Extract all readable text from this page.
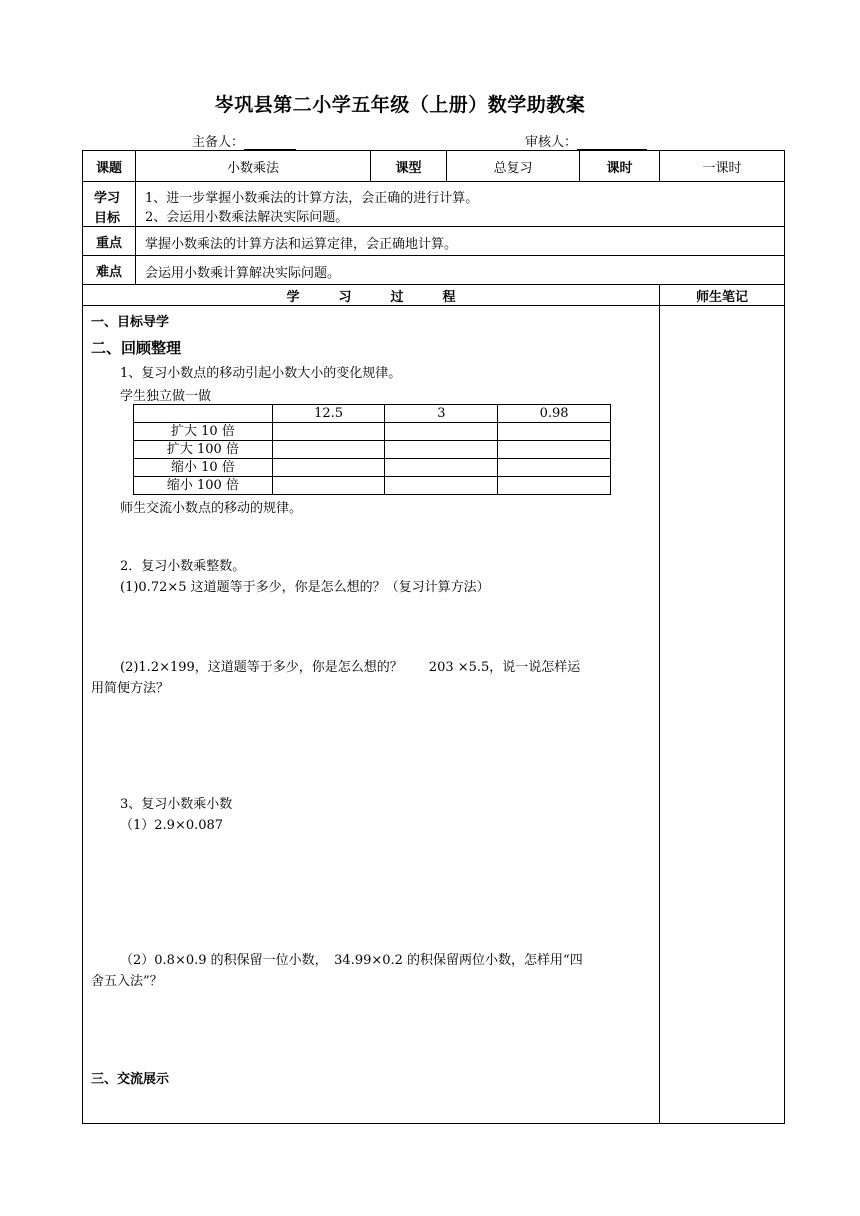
岑巩县第二小学五年级（上册）数学助教案
主备人：	审核人：
课题	小数乘法	课型	总复习	课时	一课时
学习
目标
1、进一步掌握小数乘法的计算方法，会正确的进行计算。
2、会运用小数乘法解决实际问题。
重点	掌握小数乘法的计算方法和运算定律，会正确地计算。
难点	会运用小数乘计算解决实际问题。
学　　　习　　　过　　　程	师生笔记
一、目标导学
二、回顾整理
1、复习小数点的移动引起小数大小的变化规律。
学生独立做一做
	12.5	3	0.98
扩大 10 倍			
扩大 100 倍			
缩小 10 倍			
缩小 100 倍			
师生交流小数点的移动的规律。
2．复习小数乘整数。
(1)0.72×5 这道题等于多少，你是怎么想的？（复习计算方法）
(2)1.2×199，这道题等于多少，你是怎么想的？　　203 ×5.5，说一说怎样运
用简便方法？
3、复习小数乘小数
（1）2.9×0.087
（2）0.8×0.9 的积保留一位小数，　34.99×0.2 的积保留两位小数，怎样用“四
舍五入法”？
三、交流展示
